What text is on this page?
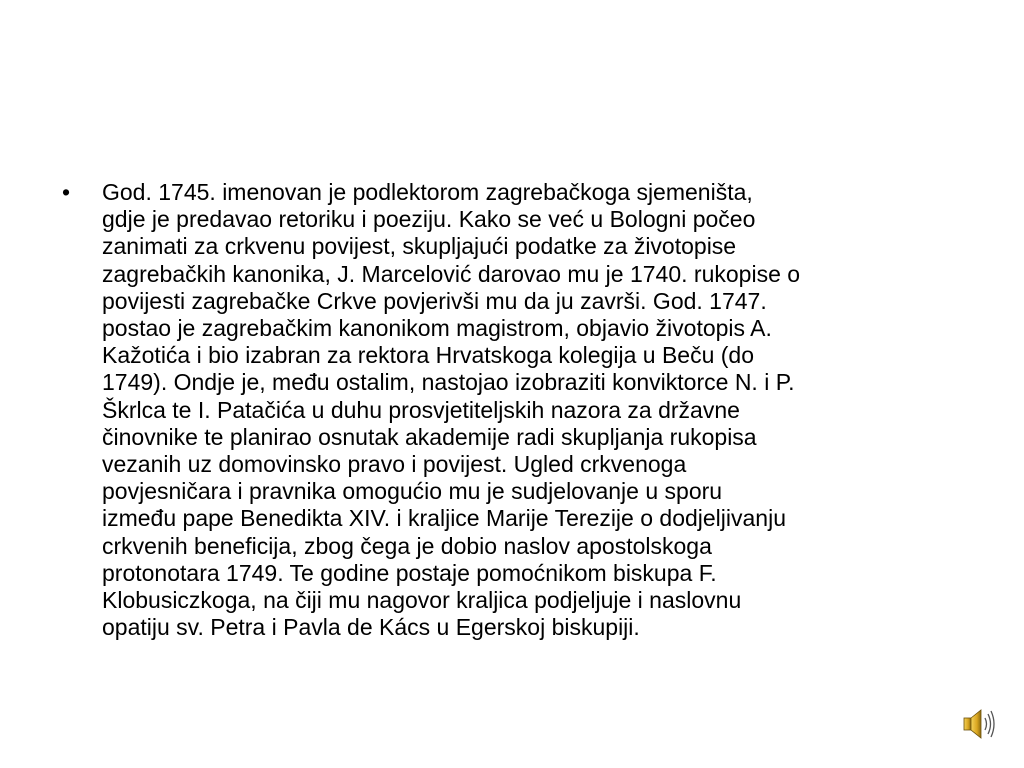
•	God. 1745. imenovan je podlektorom zagrebačkoga sjemeništa,
gdje je predavao retoriku i poeziju. Kako se već u Bologni počeo
zanimati za crkvenu povijest, skupljajući podatke za životopise
zagrebačkih kanonika, J. Marcelović darovao mu je 1740. rukopise o
povijesti zagrebačke Crkve povjerivši mu da ju završi. God. 1747.
postao je zagrebačkim kanonikom magistrom, objavio životopis A.
Kažotića i bio izabran za rektora Hrvatskoga kolegija u Beču (do
1749). Ondje je, među ostalim, nastojao izobraziti konviktorce N. i P.
Škrlca te I. Patačića u duhu prosvjetiteljskih nazora za državne
činovnike te planirao osnutak akademije radi skupljanja rukopisa
vezanih uz domovinsko pravo i povijest. Ugled crkvenoga
povjesničara i pravnika omogućio mu je sudjelovanje u sporu
između pape Benedikta XIV. i kraljice Marije Terezije o dodjeljivanju
crkvenih beneficija, zbog čega je dobio naslov apostolskoga
protonotara 1749. Te godine postaje pomoćnikom biskupa F.
Klobusiczkoga, na čiji mu nagovor kraljica podjeljuje i naslovnu
opatiju sv. Petra i Pavla de Kács u Egerskoj biskupiji.
